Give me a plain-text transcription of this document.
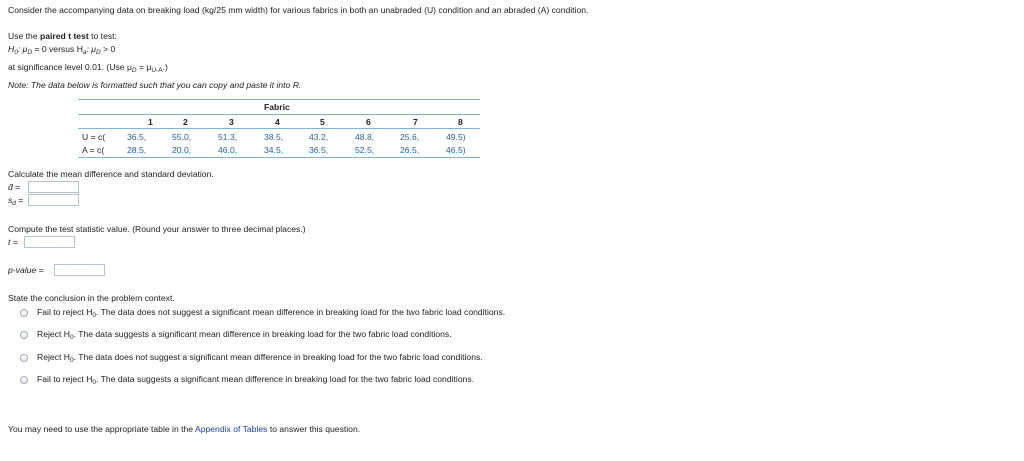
Consider the accompanying data on breaking load (kg/25 mm width) for various fabrics in both an unabraded (U) condition and an abraded (A) condition.
Use the paired t test to test:
$H_0$: $\mu_D = 0$ versus $H_a$: $\mu_D > 0$
at significance level 0.01. (Use $\mu_D = \mu_{U-A}$.)
Note: The data below is formatted such that you can copy and paste it into R.
Fabric
1	2	3	4	5	6	7	8
U = c(	36.5,	55.0,	51.3,	38.5,	43.2,	48.8,	25.6,	49.5)
A = c(	28.5,	20.0,	46.0,	34.5,	36.5,	52.5,	26.5,	46.5)
Calculate the mean difference and standard deviation.
d̄ =
$s_d$ =
Compute the test statistic value. (Round your answer to three decimal places.)
t =
p-value =
State the conclusion in the problem context.
Fail to reject $H_0$. The data does not suggest a significant mean difference in breaking load for the two fabric load conditions.
Reject $H_0$. The data suggests a significant mean difference in breaking load for the two fabric load conditions.
Reject $H_0$. The data does not suggest a significant mean difference in breaking load for the two fabric load conditions.
Fail to reject $H_0$. The data suggests a significant mean difference in breaking load for the two fabric load conditions.
You may need to use the appropriate table in the Appendix of Tables to answer this question.
